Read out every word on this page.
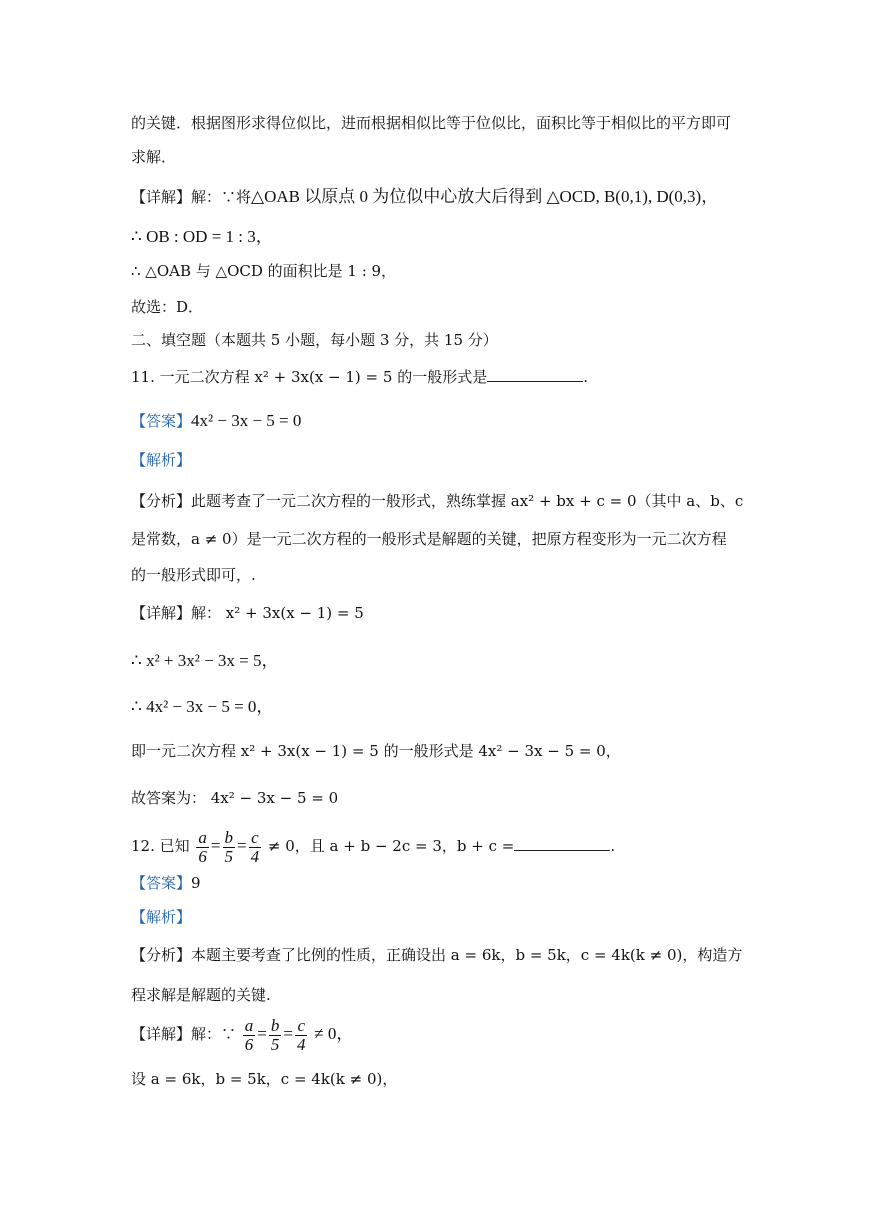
的关键．根据图形求得位似比，进而根据相似比等于位似比，面积比等于相似比的平方即可
求解．
【详解】解：∵将△OAB 以原点 0 为位似中心放大后得到 △OCD, B(0,1), D(0,3)，
∴ OB : OD = 1 : 3，
∴ △OAB 与 △OCD 的面积比是 1 : 9，
故选：D．
二、填空题（本题共 5 小题，每小题 3 分，共 15 分）
11. 一元二次方程 x² + 3x(x − 1) = 5 的一般形式是	.
【答案】4x² − 3x − 5 = 0
【解析】
【分析】此题考查了一元二次方程的一般形式，熟练掌握 ax² + bx + c = 0（其中 a、b、c
是常数，a ≠ 0）是一元二次方程的一般形式是解题的关键，把原方程变形为一元二次方程
的一般形式即可，.
【详解】解： x² + 3x(x − 1) = 5
∴ x² + 3x² − 3x = 5，
∴ 4x² − 3x − 5 = 0，
即一元二次方程 x² + 3x(x − 1) = 5 的一般形式是 4x² − 3x − 5 = 0，
故答案为： 4x² − 3x − 5 = 0
12. 已知 $\frac{a}{6} = \frac{b}{5} = \frac{c}{4} \ne 0$，且 a + b − 2c = 3，b + c =	.
【答案】9
【解析】
【分析】本题主要考查了比例的性质，正确设出 a = 6k，b = 5k，c = 4k(k ≠ 0)，构造方
程求解是解题的关键.
【详解】解：∵ $\frac{a}{6} = \frac{b}{5} = \frac{c}{4} \ne 0$，
设 a = 6k，b = 5k，c = 4k(k ≠ 0)，
